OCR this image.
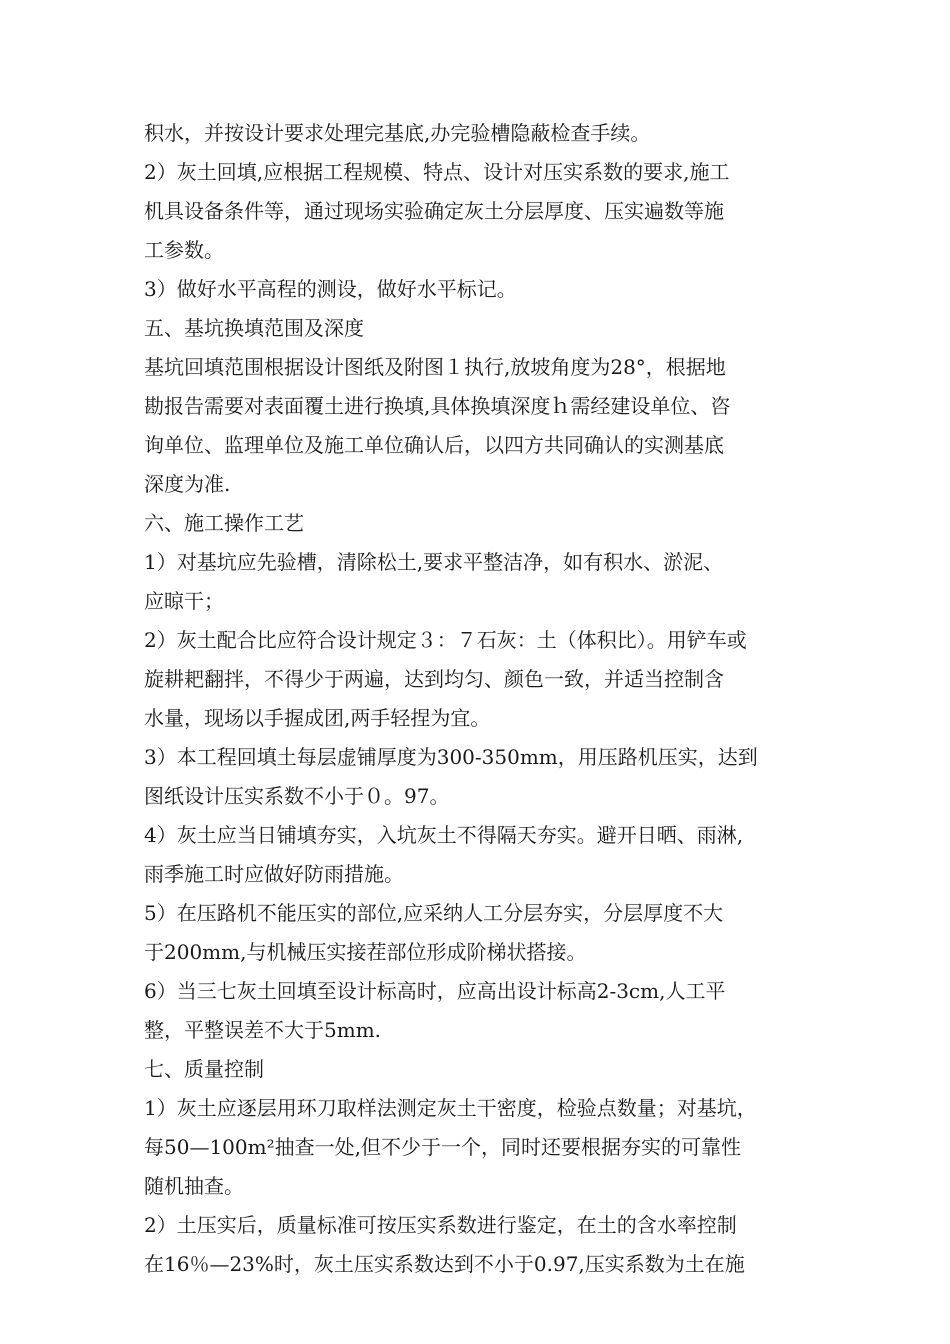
积水，并按设计要求处理完基底,办完验槽隐蔽检查手续。
2）灰土回填,应根据工程规模、特点、设计对压实系数的要求,施工
机具设备条件等，通过现场实验确定灰土分层厚度、压实遍数等施
工参数。
3）做好水平高程的测设，做好水平标记。
五、基坑换填范围及深度
基坑回填范围根据设计图纸及附图１执行,放坡角度为28°，根据地
勘报告需要对表面覆土进行换填,具体换填深度ｈ需经建设单位、咨
询单位、监理单位及施工单位确认后，以四方共同确认的实测基底
深度为准.
六、施工操作工艺
1）对基坑应先验槽，清除松土,要求平整洁净，如有积水、淤泥、
应晾干；
2）灰土配合比应符合设计规定３：７石灰：土（体积比）。用铲车或
旋耕耙翻拌，不得少于两遍，达到均匀、颜色一致，并适当控制含
水量，现场以手握成团,两手轻捏为宜。
3）本工程回填土每层虚铺厚度为300-350mm，用压路机压实，达到
图纸设计压实系数不小于０。97。
4）灰土应当日铺填夯实，入坑灰土不得隔天夯实。避开日晒、雨淋,
雨季施工时应做好防雨措施。
5）在压路机不能压实的部位,应采纳人工分层夯实，分层厚度不大
于200mm,与机械压实接茬部位形成阶梯状搭接。
6）当三七灰土回填至设计标高时，应高出设计标高2-3cm,人工平
整，平整误差不大于5mm.
七、质量控制
1）灰土应逐层用环刀取样法测定灰土干密度，检验点数量；对基坑，
每50—100m²抽查一处,但不少于一个，同时还要根据夯实的可靠性
随机抽查。
2）土压实后，质量标准可按压实系数进行鉴定，在土的含水率控制
在16％—23%时，灰土压实系数达到不小于0.97,压实系数为土在施
